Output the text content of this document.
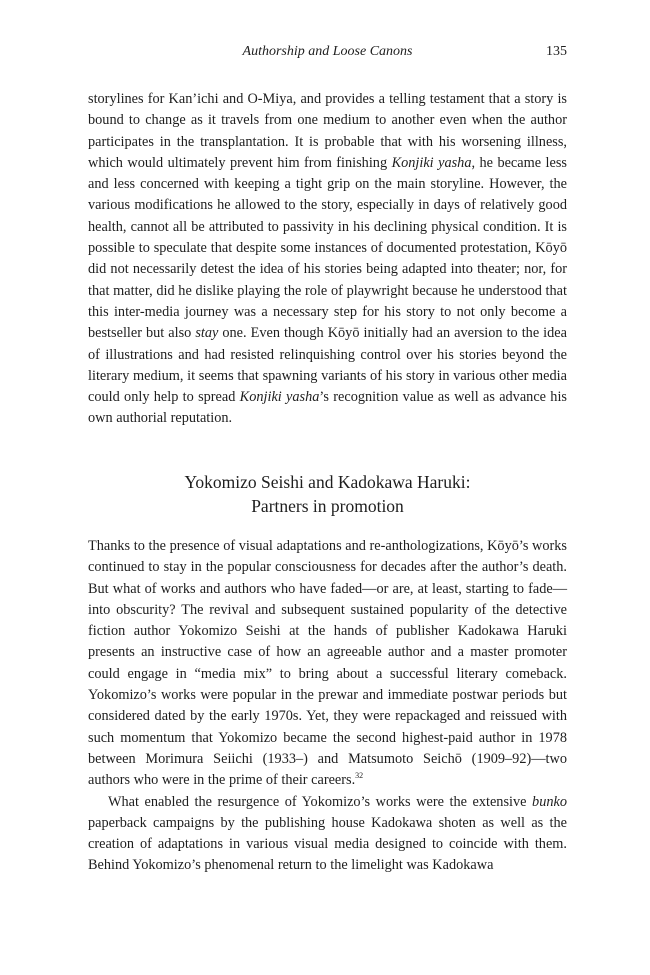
Authorship and Loose Canons	135

storylines for Kan’ichi and O-Miya, and provides a telling testament that a story is bound to change as it travels from one medium to another even when the author participates in the transplantation. It is probable that with his worsening illness, which would ultimately prevent him from finishing Konjiki yasha, he became less and less concerned with keeping a tight grip on the main storyline. However, the various modifications he allowed to the story, especially in days of relatively good health, cannot all be attributed to passivity in his declining physical condition. It is possible to speculate that despite some instances of documented protestation, Kōyō did not necessarily detest the idea of his stories being adapted into theater; nor, for that matter, did he dislike playing the role of playwright because he understood that this inter-media journey was a necessary step for his story to not only become a bestseller but also stay one. Even though Kōyō initially had an aversion to the idea of illustrations and had resisted relinquishing control over his stories beyond the literary medium, it seems that spawning variants of his story in various other media could only help to spread Konjiki yasha’s recognition value as well as advance his own authorial reputation.

Yokomizo Seishi and Kadokawa Haruki:
Partners in promotion

Thanks to the presence of visual adaptations and re-anthologizations, Kōyō’s works continued to stay in the popular consciousness for decades after the author’s death. But what of works and authors who have faded—or are, at least, starting to fade—into obscurity? The revival and subsequent sustained popularity of the detective fiction author Yokomizo Seishi at the hands of publisher Kadokawa Haruki presents an instructive case of how an agreeable author and a master promoter could engage in “media mix” to bring about a successful literary comeback. Yokomizo’s works were popular in the prewar and immediate postwar periods but considered dated by the early 1970s. Yet, they were repackaged and reissued with such momentum that Yokomizo became the second highest-paid author in 1978 between Morimura Seiichi (1933–) and Matsumoto Seichō (1909–92)—two authors who were in the prime of their careers.$^{32}$

What enabled the resurgence of Yokomizo’s works were the extensive bunko paperback campaigns by the publishing house Kadokawa shoten as well as the creation of adaptations in various visual media designed to coincide with them. Behind Yokomizo’s phenomenal return to the limelight was Kadokawa
